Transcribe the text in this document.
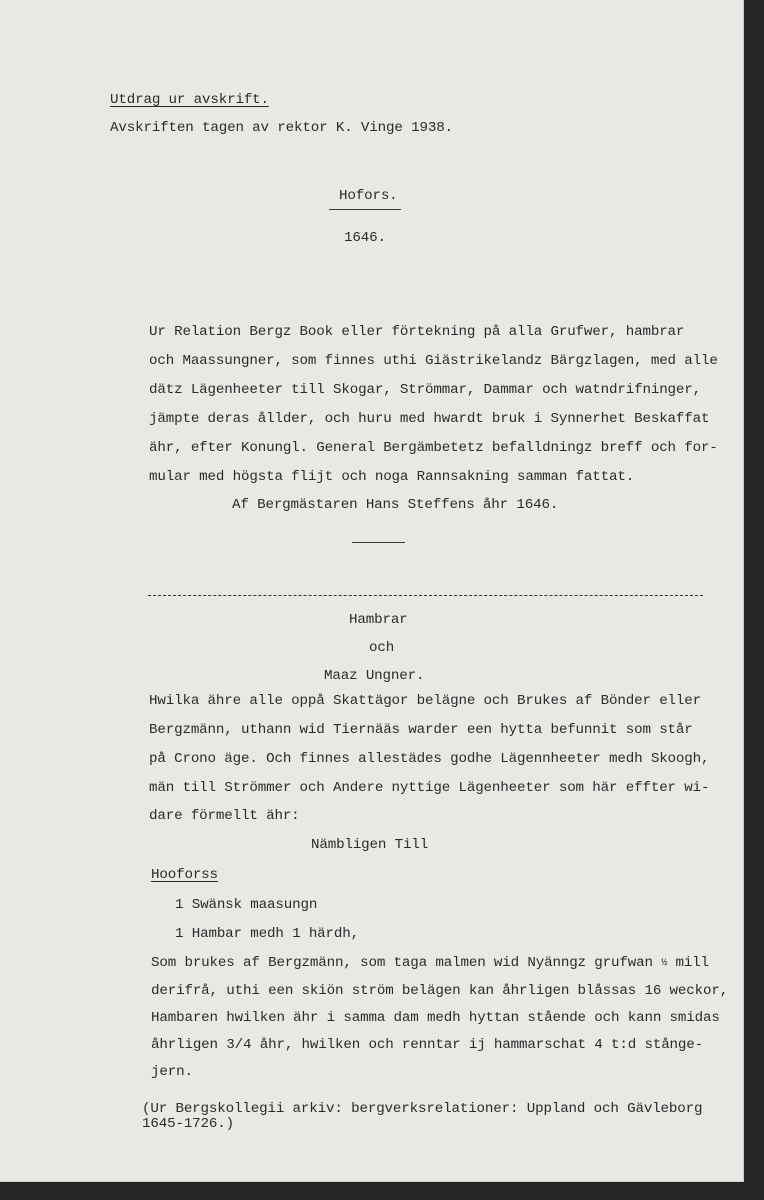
Utdrag ur avskrift.
Avskriften tagen av rektor K. Vinge 1938.
Hofors.
1646.
Ur Relation Bergz Book eller förtekning på alla Grufwer, hambrar
och Maassungner, som finnes uthi Giästrikelandz Bärgzlagen, med alle
dätz Lägenheeter till Skogar, Strömmar, Dammar och watndrifninger,
jämpte deras ållder, och huru med hwardt bruk i Synnerhet Beskaffat
ähr, efter Konungl. General Bergämbetetz befalldningz breff och for-
mular med högsta flijt och noga Rannsakning samman fattat.
Af Bergmästaren Hans Steffens åhr 1646.
Hambrar
och
Maaz Ungner.
Hwilka ähre alle oppå Skattägor belägne och Brukes af Bönder eller
Bergzmänn, uthann wid Tiernääs warder een hytta befunnit som står
på Crono äge. Och finnes allestädes godhe Lägennheeter medh Skoogh,
män till Strömmer och Andere nyttige Lägenheeter som här effter wi-
dare förmellt ähr:
Nämbligen Till
Hooforss
1 Swänsk maasungn
1 Hambar medh 1 härdh,
Som brukes af Bergzmänn, som taga malmen wid Nyänngz grufwan ½ mill
derifrå, uthi een skiön ström belägen kan åhrligen blåssas 16 weckor,
Hambaren hwilken ähr i samma dam medh hyttan stående och kann smidas
åhrligen 3/4 åhr, hwilken och renntar ij hammarschat 4 t:d stånge-
jern.
(Ur Bergskollegii arkiv: bergverksrelationer: Uppland och Gävleborg
1645-1726.)
